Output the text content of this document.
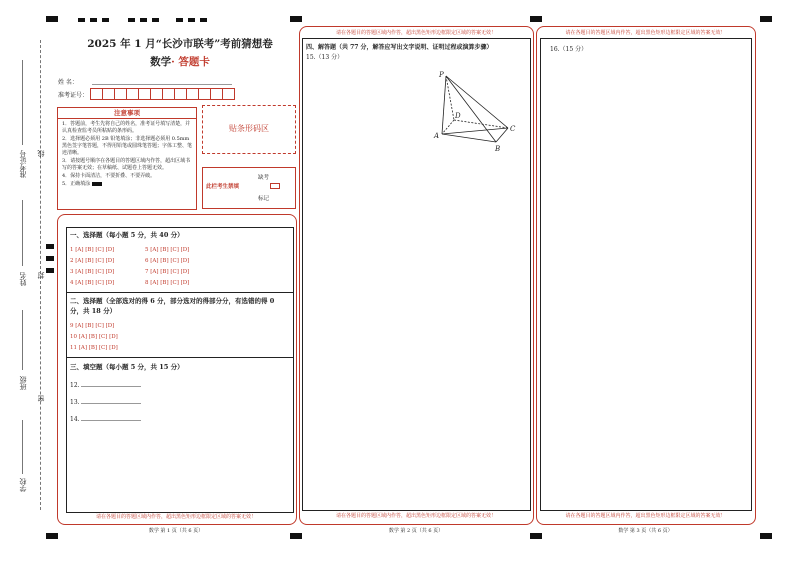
准考证号 线
姓名 封
班级
密
学校
2025 年 1 月“长沙市联考”考前猜想卷
数学· 答题卡
姓 名：
准考证号：
注意事项
1．答题前，考生先将自己的姓名，准考证号填写清楚，并认真检查监考员所粘贴的条形码。
2．选择题必须用 2B 铅笔填涂；非选择题必须用 0.5mm 黑色签字笔答题，不得用铅笔或圆珠笔答题；字体工整、笔迹清晰。
3．请按题号顺序在各题目的答题区域内作答，超出区域书写的答案无效；在草稿纸、试题卷上答题无效。
4．保持卡面清洁，不要折叠、不要弄破。
5．正确填涂
贴条形码区
此栏考生禁填
缺考
标记
一、选择题（每小题 5 分，共 40 分）
1 [A] [B] [C] [D]
2 [A] [B] [C] [D]
3 [A] [B] [C] [D]
4 [A] [B] [C] [D]
5 [A] [B] [C] [D]
6 [A] [B] [C] [D]
7 [A] [B] [C] [D]
8 [A] [B] [C] [D]
二、选择题（全部选对的得 6 分，部分选对的得部分分，有选错的得 0 分，共 18 分）
9 [A] [B] [C] [D]
10 [A] [B] [C] [D]
11 [A] [B] [C] [D]
三、填空题（每小题 5 分，共 15 分）
12.
13.
14.
请在各题目的答题区域内作答，超出黑色矩形边框限定区域的答案无效！
数学 第 1 页（共 6 页）
请在各题目的答题区域内作答，超出黑色矩形边框限定区域的答案无效！
四、解答题（共 77 分，解答应写出文字说明、证明过程或演算步骤）
15.（13 分）
P
D
A
B
C
请在各题目的答题区域内作答，超出黑色矩形边框限定区域的答案无效！
数学 第 2 页（共 6 页）
请在各题目的答题区域内作答，超出黑色矩形边框限定区域的答案无效！
16.（15 分）
请在各题目的答题区域内作答，超出黑色矩形边框限定区域的答案无效！
数学 第 3 页（共 6 页）
